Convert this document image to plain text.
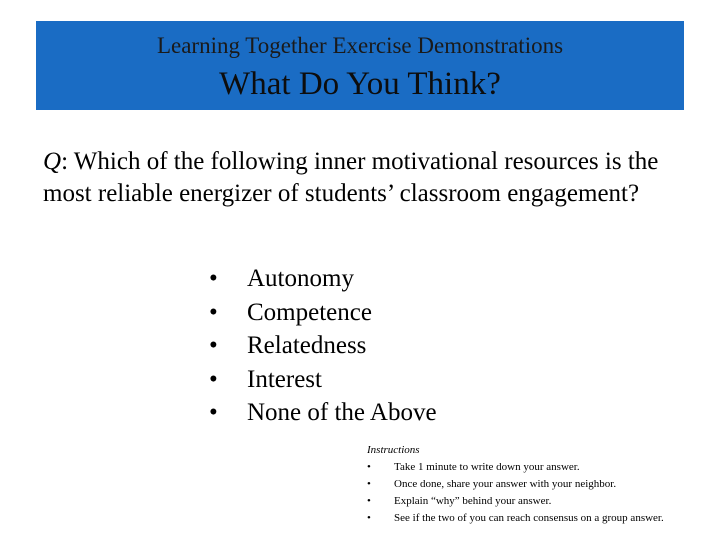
Learning Together Exercise Demonstrations
What Do You Think?
Q: Which of the following inner motivational resources is the most reliable energizer of students’ classroom engagement?
•	Autonomy
•	Competence
•	Relatedness
•	Interest
•	None of the Above
Instructions
•	Take 1 minute to write down your answer.
•	Once done, share your answer with your neighbor.
•	Explain “why” behind your answer.
•	See if the two of you can reach consensus on a group answer.
